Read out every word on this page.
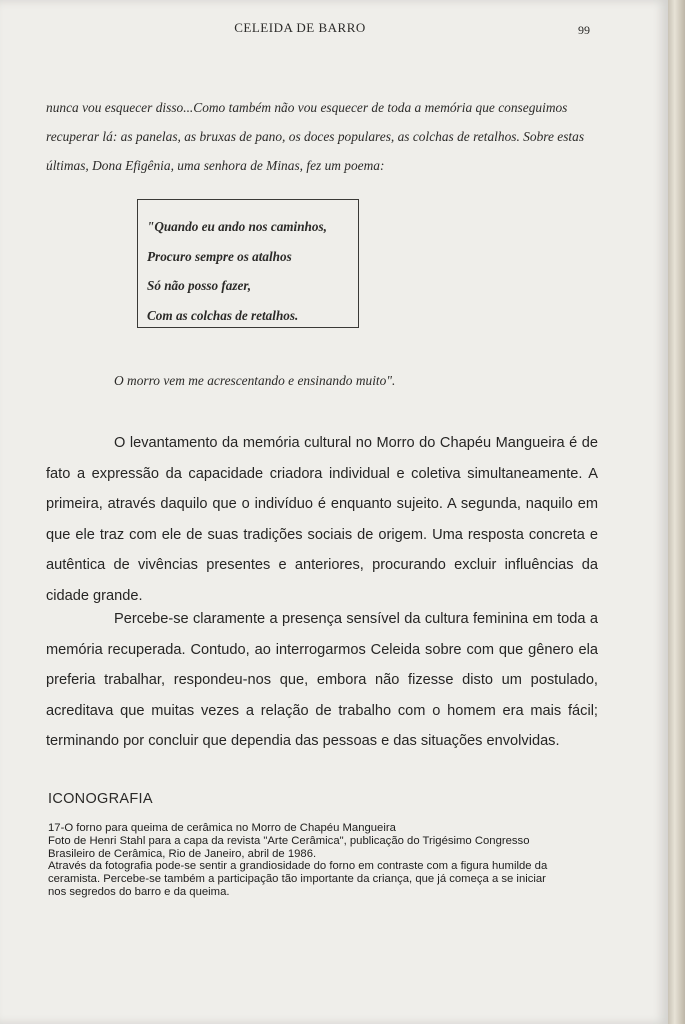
CELEIDA DE BARRO	99
nunca vou esquecer disso...Como também não vou esquecer de toda a memória que conseguimos recuperar lá: as panelas, as bruxas de pano, os doces populares, as colchas de retalhos. Sobre estas últimas, Dona Efigênia, uma senhora de Minas, fez um poema:
"Quando eu ando nos caminhos,
Procuro sempre os atalhos
Só não posso fazer,
Com as colchas de retalhos.
O morro vem me acrescentando e ensinando muito".
O levantamento da memória cultural no Morro do Chapéu Mangueira é de fato a expressão da capacidade criadora individual e coletiva simultaneamente. A primeira, através daquilo que o indivíduo é enquanto sujeito. A segunda, naquilo em que ele traz com ele de suas tradições sociais de origem. Uma resposta concreta e autêntica de vivências presentes e anteriores, procurando excluir influências da cidade grande.
Percebe-se claramente a presença sensível da cultura feminina em toda a memória recuperada. Contudo, ao interrogarmos Celeida sobre com que gênero ela preferia trabalhar, respondeu-nos que, embora não fizesse disto um postulado, acreditava que muitas vezes a relação de trabalho com o homem era mais fácil; terminando por concluir que dependia das pessoas e das situações envolvidas.
ICONOGRAFIA
17-O forno para queima de cerâmica no Morro de Chapéu Mangueira
Foto de Henri Stahl para a capa da revista "Arte Cerâmica", publicação do Trigésimo Congresso
Brasileiro de Cerâmica, Rio de Janeiro, abril de 1986.
Através da fotografia pode-se sentir a grandiosidade do forno em contraste com a figura humilde da
ceramista. Percebe-se também a participação tão importante da criança, que já começa a se iniciar
nos segredos do barro e da queima.
